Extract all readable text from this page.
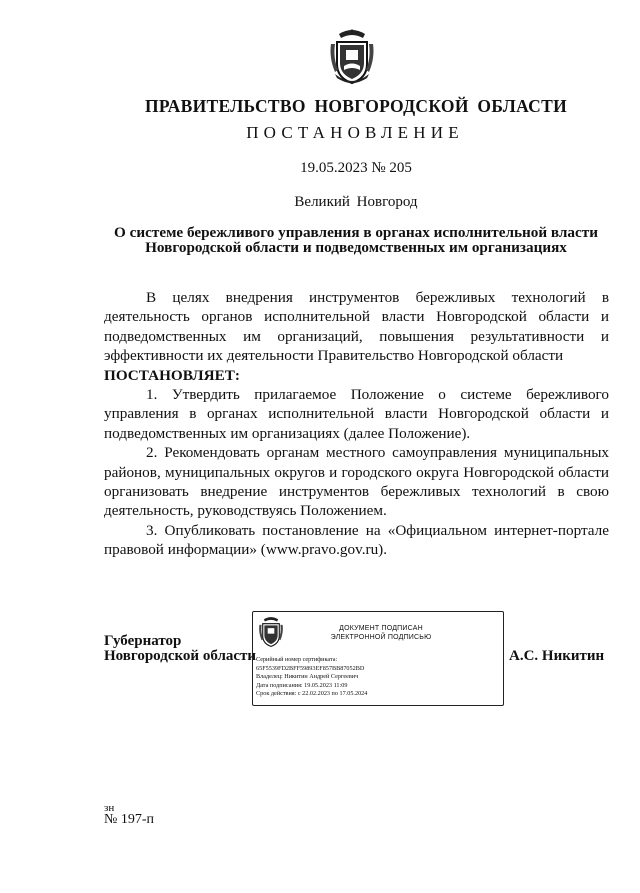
ПРАВИТЕЛЬСТВО НОВГОРОДСКОЙ ОБЛАСТИ
ПОСТАНОВЛЕНИЕ
19.05.2023 № 205
Великий Новгород
О системе бережливого управления в органах исполнительной власти
Новгородской области и подведомственных им организациях

В целях внедрения инструментов бережливых технологий в деятельность органов исполнительной власти Новгородской области и подведомственных им организаций, повышения результативности и эффективности их деятельности Правительство Новгородской области

ПОСТАНОВЛЯЕТ:

1. Утвердить прилагаемое Положение о системе бережливого управления в органах исполнительной власти Новгородской области и подведомственных им организациях (далее Положение).

2. Рекомендовать органам местного самоуправления муниципальных районов, муниципальных округов и городского округа Новгородской области организовать внедрение инструментов бережливых технологий в свою деятельность, руководствуясь Положением.

3. Опубликовать постановление на «Официальном интернет-портале правовой информации» (www.pravo.gov.ru).

Губернатор
Новгородской области
ДОКУМЕНТ ПОДПИСАН
ЭЛЕКТРОННОЙ ПОДПИСЬЮ
Серийный номер сертификата:
65F5539FD2BFF59893EF857BB87052BD
Владелец: Никитин Андрей Сергеевич
Дата подписания: 19.05.2023 11:09
Срок действия: с 22.02.2023 по 17.05.2024
А.С. Никитин
зн
№ 197-п
